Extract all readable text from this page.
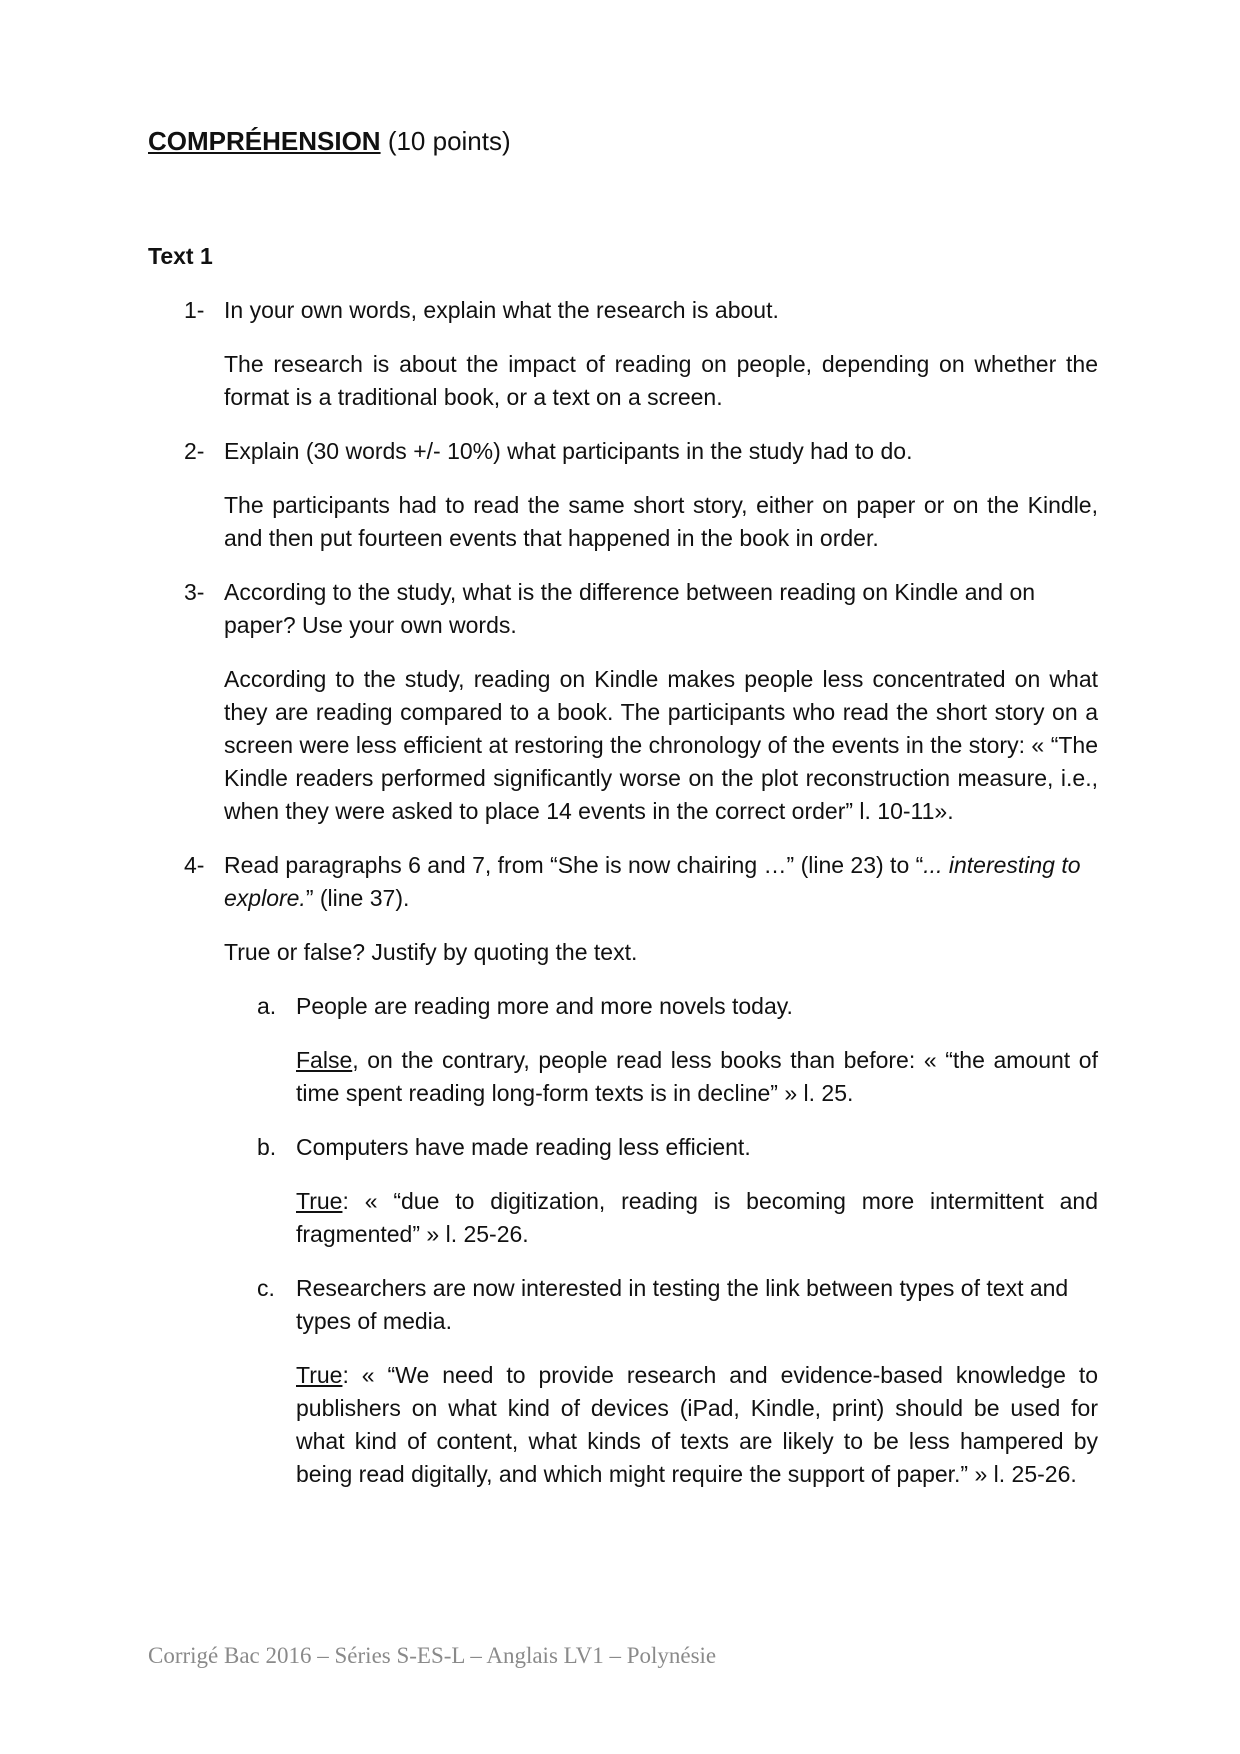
COMPRÉHENSION (10 points)
Text 1

1- In your own words, explain what the research is about.

The research is about the impact of reading on people, depending on whether the format is a traditional book, or a text on a screen.

2- Explain (30 words +/- 10%) what participants in the study had to do.

The participants had to read the same short story, either on paper or on the Kindle, and then put fourteen events that happened in the book in order.

3- According to the study, what is the difference between reading on Kindle and on paper? Use your own words.

According to the study, reading on Kindle makes people less concentrated on what they are reading compared to a book. The participants who read the short story on a screen were less efficient at restoring the chronology of the events in the story: « “The Kindle readers performed significantly worse on the plot reconstruction measure, i.e., when they were asked to place 14 events in the correct order” l. 10-11».

4- Read paragraphs 6 and 7, from “She is now chairing …” (line 23) to “... interesting to explore.” (line 37).

True or false? Justify by quoting the text.

a. People are reading more and more novels today.

False, on the contrary, people read less books than before: « “the amount of time spent reading long-form texts is in decline” » l. 25.

b. Computers have made reading less efficient.

True: « “due to digitization, reading is becoming more intermittent and fragmented” » l. 25-26.

c. Researchers are now interested in testing the link between types of text and types of media.

True: « “We need to provide research and evidence-based knowledge to publishers on what kind of devices (iPad, Kindle, print) should be used for what kind of content, what kinds of texts are likely to be less hampered by being read digitally, and which might require the support of paper.” » l. 25-26.

Corrigé Bac 2016 – Séries S-ES-L – Anglais LV1 – Polynésie
